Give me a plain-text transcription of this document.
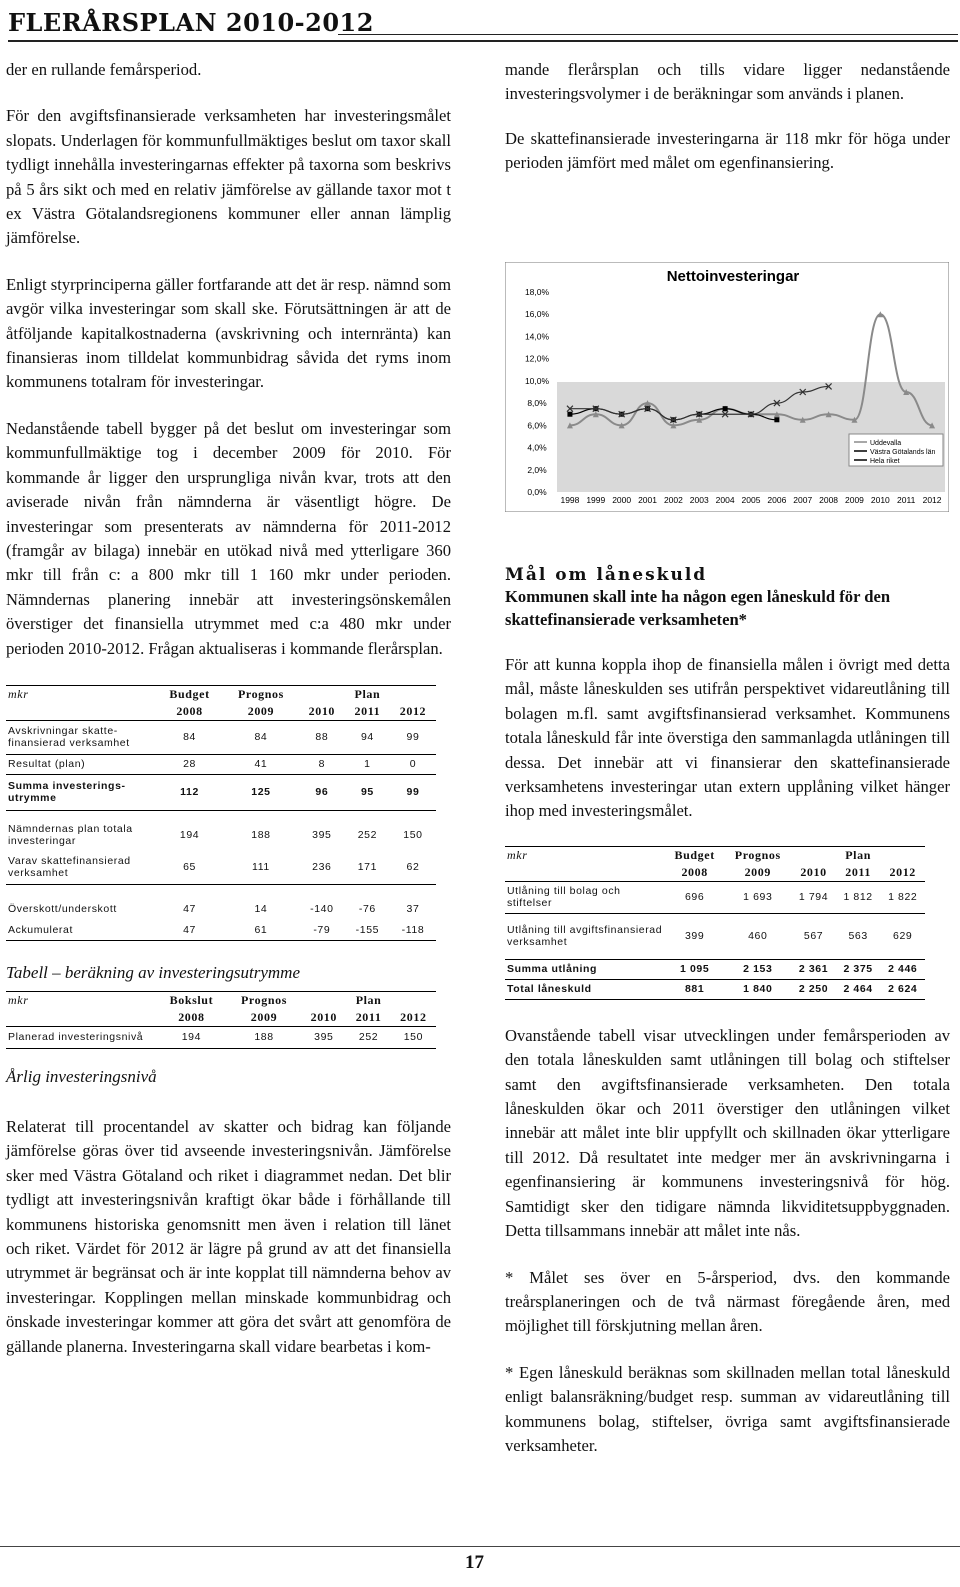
FLERÅRSPLAN 2010-2012

der en rullande femårsperiod.

För den avgiftsfinansierade verksamheten har investeringsmålet slopats. Underlagen för kommunfullmäktiges beslut om taxor skall tydligt innehålla investeringarnas effekter på taxorna som beskrivs på 5 års sikt och med en relativ jämförelse av gällande taxor mot t ex Västra Götalandsregionens kommuner eller annan lämplig jämförelse.

Enligt styrprinciperna gäller fortfarande att det är resp. nämnd som avgör vilka investeringar som skall ske. Förutsättningen är att de åtföljande kapitalkostnaderna (avskrivning och internränta) kan finansieras inom tilldelat kommunbidrag såvida det ryms inom kommunens totalram för investeringar.

Nedanstående tabell bygger på det beslut om investeringar som kommunfullmäktige tog i december 2009 för 2010. För kommande år ligger den ursprungliga nivån kvar, trots att den aviserade nivån från nämnderna är väsentligt högre. De investeringar som presenterats av nämnderna för 2011-2012 (framgår av bilaga) innebär en utökad nivå med ytterligare 360 mkr till från c: a 800 mkr till 1 160 mkr under perioden. Nämndernas planering innebär att investeringsönskemålen överstiger det finansiella utrymmet med c:a 480 mkr under perioden 2010-2012. Frågan aktualiseras i kommande flerårsplan.

mkr	Budget	Prognos		Plan	
	2008	2009	2010	2011	2012
Avskrivningar skatte-finansierad verksamhet	84	84	88	94	99
Resultat (plan)	28	41	8	1	0
Summa investerings-utrymme	112	125	96	95	99
Nämndernas plan totala investeringar	194	188	395	252	150
Varav skattefinansierad verksamhet	65	111	236	171	62
Överskott/underskott	47	14	-140	-76	37
Ackumulerat	47	61	-79	-155	-118

Tabell – beräkning av investeringsutrymme

mkr	Bokslut	Prognos		Plan	
	2008	2009	2010	2011	2012
Planerad investeringsnivå	194	188	395	252	150

Årlig investeringsnivå

Relaterat till procentandel av skatter och bidrag kan följande jämförelse göras över tid avseende investeringsnivån. Jämförelse sker med Västra Götaland och riket i diagrammet nedan. Det blir tydligt att investeringsnivån kraftigt ökar både i förhållande till kommunens historiska genomsnitt men även i relation till länet och riket. Värdet för 2012 är lägre på grund av att det finansiella utrymmet är begränsat och är inte kopplat till nämnderna behov av investeringar. Kopplingen mellan minskade kommunbidrag och önskade investeringar kommer att göra det svårt att genomföra de gällande planerna. Investeringarna skall vidare bearbetas i kom-

mande flerårsplan och tills vidare ligger nedanstående investeringsvolymer i de beräkningar som används i planen.

De skattefinansierade investeringarna är 118 mkr för höga under perioden jämfört med målet om egenfinansiering.

Nettoinvesteringar
0,0%
2,0%
4,0%
6,0%
8,0%
10,0%
12,0%
14,0%
16,0%
18,0%
1998 1999 2000 2001 2002 2003 2004 2005 2006 2007 2008 2009 2010 2011 2012
Uddevalla
Västra Götalands län
Hela riket
Mål om låneskuld

Kommunen skall inte ha någon egen låneskuld för den skattefinansierade verksamheten*

För att kunna koppla ihop de finansiella målen i övrigt med detta mål, måste låneskulden ses utifrån perspektivet vidareutlåning till bolagen m.fl. samt avgiftsfinansierad verksamhet. Kommunens totala låneskuld får inte överstiga den sammanlagda utlåningen till dessa. Det innebär att vi finansierar den skattefinansierade verksamhetens investeringar utan extern upplåning vilket hänger ihop med investeringsmålet.

mkr	Budget	Prognos		Plan	
	2008	2009	2010	2011	2012
Utlåning till bolag och stiftelser	696	1 693	1 794	1 812	1 822
Utlåning till avgiftsfinansierad verksamhet	399	460	567	563	629
Summa utlåning	1 095	2 153	2 361	2 375	2 446
Total låneskuld	881	1 840	2 250	2 464	2 624

Ovanstående tabell visar utvecklingen under femårsperioden av den totala låneskulden samt utlåningen till bolag och stiftelser samt den avgiftsfinansierade verksamheten. Den totala låneskulden ökar och 2011 överstiger den utlåningen vilket innebär att målet inte blir uppfyllt och skillnaden ökar ytterligare till 2012. Då resultatet inte medger mer än avskrivningarna i egenfinansiering är kommunens investeringsnivå för hög. Samtidigt sker den tidigare nämnda likviditetsuppbyggnaden. Detta tillsammans innebär att målet inte nås.

* Målet ses över en 5-årsperiod, dvs. den kommande treårsplaneringen och de två närmast föregående åren, med möjlighet till förskjutning mellan åren.

* Egen låneskuld beräknas som skillnaden mellan total låneskuld enligt balansräkning/budget resp. summan av vidareutlåning till kommunens bolag, stiftelser, övriga samt avgiftsfinansierade verksamheter.

17
